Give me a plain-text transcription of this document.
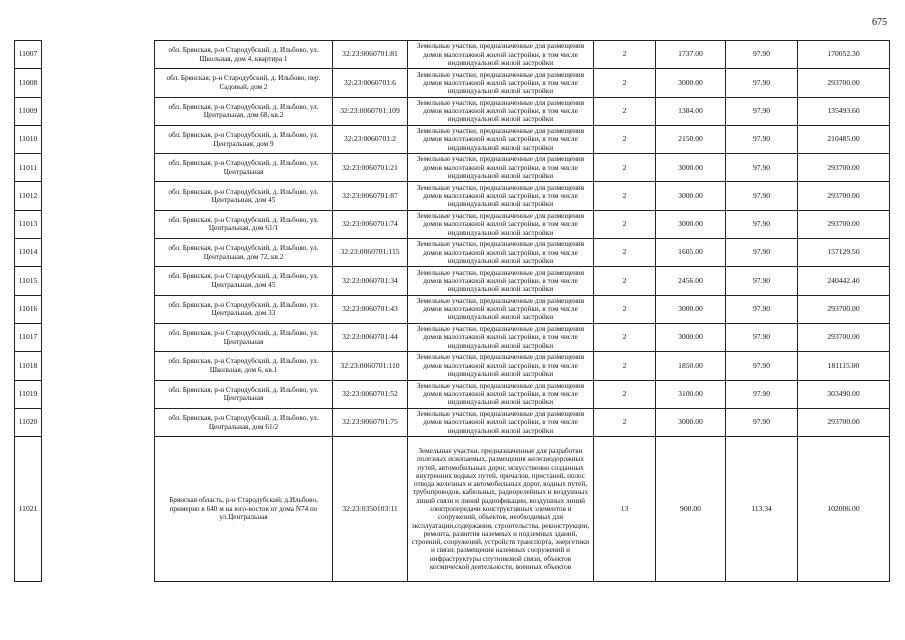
675
11007		обл. Брянская, р-н Стародубский, д. Ильбово, ул. Школьная, дом 4, квартира 1	32:23:0060701:81	Земельные участки, предназначенные для размещения домов малоэтажной жилой застройки, в том числе индивидуальной жилой застройки	2	1737.00	97.90	170052.30
11008		обл. Брянская, р-н Стародубский, д. Ильбово, пер. Садовый, дом 2	32:23:0060701:6	Земельные участки, предназначенные для размещения домов малоэтажной жилой застройки, в том числе индивидуальной жилой застройки	2	3000.00	97.90	293700.00
11009		обл. Брянская, р-н Стародубский, д. Ильбово, ул. Центральная, дом 68, кв.2	32:23:0060701:109	Земельные участки, предназначенные для размещения домов малоэтажной жилой застройки, в том числе индивидуальной жилой застройки	2	1384.00	97.90	135493.60
11010		обл. Брянская, р-н Стародубский, д. Ильбово, ул. Центральная, дом 9	32:23:0060701:2	Земельные участки, предназначенные для размещения домов малоэтажной жилой застройки, в том числе индивидуальной жилой застройки	2	2150.00	97.90	210485.00
11011		обл. Брянская, р-н Стародубский, д. Ильбово, ул. Центральная	32:23:0060701:21	Земельные участки, предназначенные для размещения домов малоэтажной жилой застройки, в том числе индивидуальной жилой застройки	2	3000.00	97.90	293700.00
11012		обл. Брянская, р-н Стародубский, д. Ильбово, ул. Центральная, дом 45	32:23:0060701:87	Земельные участки, предназначенные для размещения домов малоэтажной жилой застройки, в том числе индивидуальной жилой застройки	2	3000.00	97.90	293700.00
11013		обл. Брянская, р-н Стародубский, д. Ильбово, ул. Центральная, дом 61/1	32:23:0060701:74	Земельные участки, предназначенные для размещения домов малоэтажной жилой застройки, в том числе индивидуальной жилой застройки	2	3000.00	97.90	293700.00
11014		обл. Брянская, р-н Стародубский, д. Ильбово, ул. Центральная, дом 72, кв.2	32:23:0060701:115	Земельные участки, предназначенные для размещения домов малоэтажной жилой застройки, в том числе индивидуальной жилой застройки	2	1605.00	97.90	157129.50
11015		обл. Брянская, р-н Стародубский, д. Ильбово, ул. Центральная, дом 45	32:23:0060701:34	Земельные участки, предназначенные для размещения домов малоэтажной жилой застройки, в том числе индивидуальной жилой застройки	2	2456.00	97.90	240442.40
11016		обл. Брянская, р-н Стародубский, д. Ильбово, ул. Центральная, дом 33	32:23:0060701:43	Земельные участки, предназначенные для размещения домов малоэтажной жилой застройки, в том числе индивидуальной жилой застройки	2	3000.00	97.90	293700.00
11017		обл. Брянская, р-н Стародубский, д. Ильбово, ул. Центральная	32:23:0060701:44	Земельные участки, предназначенные для размещения домов малоэтажной жилой застройки, в том числе индивидуальной жилой застройки	2	3000.00	97.90	293700.00
11018		обл. Брянская, р-н Стародубский, д. Ильбово, ул. Школьная, дом 6, кв.1	32:23:0060701:110	Земельные участки, предназначенные для размещения домов малоэтажной жилой застройки, в том числе индивидуальной жилой застройки	2	1850.00	97.90	181115.00
11019		обл. Брянская, р-н Стародубский, д. Ильбово, ул. Центральная	32:23:0060701:52	Земельные участки, предназначенные для размещения домов малоэтажной жилой застройки, в том числе индивидуальной жилой застройки	2	3100.00	97.90	303490.00
11020		обл. Брянская, р-н Стародубский, д. Ильбово, ул. Центральная, дом 61/2	32:23:0060701:75	Земельные участки, предназначенные для размещения домов малоэтажной жилой застройки, в том числе индивидуальной жилой застройки	2	3000.00	97.90	293700.00
11021		Брянская область, р-н Стародубский, д.Ильбово, примерно в 640 м на юго-восток от дома N74 по ул.Центральная	32:23:0350103:11	Земельные участки, предназначенные для разработки полезных ископаемых, размещения железнодорожных путей, автомобильных дорог, искусственно созданных внутренних водных путей, причалов, пристаней, полос отвода железных и автомобильных дорог, водных путей, трубопроводов, кабельных, радиорелейных и воздушных линий связи и линий радиофикации, воздушных линий электропередачи конструктивных элементов и сооружений, объектов, необходимых для эксплуатации,содержания, строительства, реконструкции, ремонта, развития наземных и подземных зданий, строений, сооружений, устройств транспорта, энергетики и связи; размещения наземных сооружений и инфраструктуры спутниковой связи, объектов космической деятельности, военных объектов	13	900.00	113.34	102006.00
